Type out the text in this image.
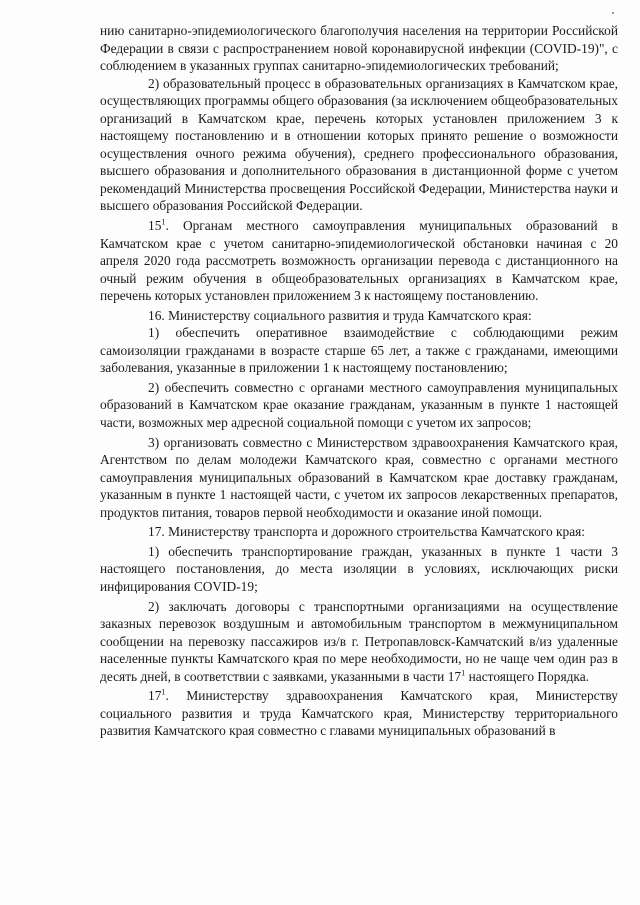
нию санитарно-эпидемиологического благополучия населения на территории Российской Федерации в связи с распространением новой коронавирусной инфекции (COVID-19)", с соблюдением в указанных группах санитарно-эпидемиологических требований;

2) образовательный процесс в образовательных организациях в Камчатском крае, осуществляющих программы общего образования (за исключением общеобразовательных организаций в Камчатском крае, перечень которых установлен приложением 3 к настоящему постановлению и в отношении которых принято решение о возможности осуществления очного режима обучения), среднего профессионального образования, высшего образования и дополнительного образования в дистанционной форме с учетом рекомендаций Министерства просвещения Российской Федерации, Министерства науки и высшего образования Российской Федерации.

$15^1$. Органам местного самоуправления муниципальных образований в Камчатском крае с учетом санитарно-эпидемиологической обстановки начиная с 20 апреля 2020 года рассмотреть возможность организации перевода с дистанционного на очный режим обучения в общеобразовательных организациях в Камчатском крае, перечень которых установлен приложением 3 к настоящему постановлению.

16. Министерству социального развития и труда Камчатского края:

1) обеспечить оперативное взаимодействие с соблюдающими режим самоизоляции гражданами в возрасте старше 65 лет, а также с гражданами, имеющими заболевания, указанные в приложении 1 к настоящему постановлению;

2) обеспечить совместно с органами местного самоуправления муниципальных образований в Камчатском крае оказание гражданам, указанным в пункте 1 настоящей части, возможных мер адресной социальной помощи с учетом их запросов;

3) организовать совместно с Министерством здравоохранения Камчатского края, Агентством по делам молодежи Камчатского края, совместно с органами местного самоуправления муниципальных образований в Камчатском крае доставку гражданам, указанным в пункте 1 настоящей части, с учетом их запросов лекарственных препаратов, продуктов питания, товаров первой необходимости и оказание иной помощи.

17. Министерству транспорта и дорожного строительства Камчатского края:

1) обеспечить транспортирование граждан, указанных в пункте 1 части 3 настоящего постановления, до места изоляции в условиях, исключающих риски инфицирования COVID-19;

2) заключать договоры с транспортными организациями на осуществление заказных перевозок воздушным и автомобильным транспортом в межмуниципальном сообщении на перевозку пассажиров из/в г. Петропавловск-Камчатский в/из удаленные населенные пункты Камчатского края по мере необходимости, но не чаще чем один раз в десять дней, в соответствии с заявками, указанными в части $17^1$ настоящего Порядка.

$17^1$. Министерству здравоохранения Камчатского края, Министерству социального развития и труда Камчатского края, Министерству территориального развития Камчатского края совместно с главами муниципальных образований в
